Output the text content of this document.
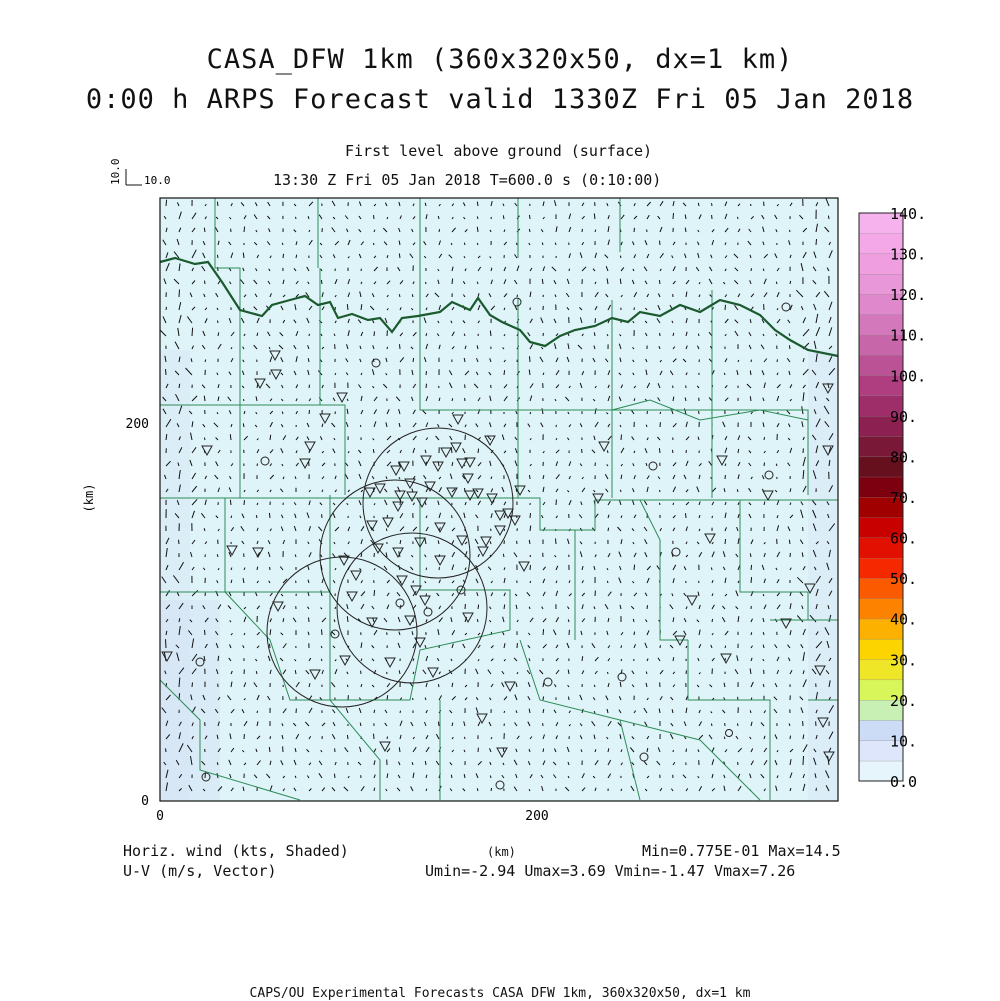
CASA_DFW 1km (360x320x50, dx=1 km)
0:00 h ARPS Forecast valid 1330Z Fri 05 Jan 2018
First level above ground (surface)
13:30 Z Fri 05 Jan 2018 T=600.0 s (0:10:00)
10.0 10.0
0	200
0
200
(km)
0.0
10.
20.
30.
40.
50.
60.
70.
80.
90.
100.
110.
120.
130.
140.
Horiz. wind (kts, Shaded)
U-V (m/s, Vector)
(km)	Min=0.775E-01 Max=14.5
Umin=-2.94 Umax=3.69 Vmin=-1.47 Vmax=7.26
CAPS/OU Experimental Forecasts CASA DFW 1km, 360x320x50, dx=1 km
